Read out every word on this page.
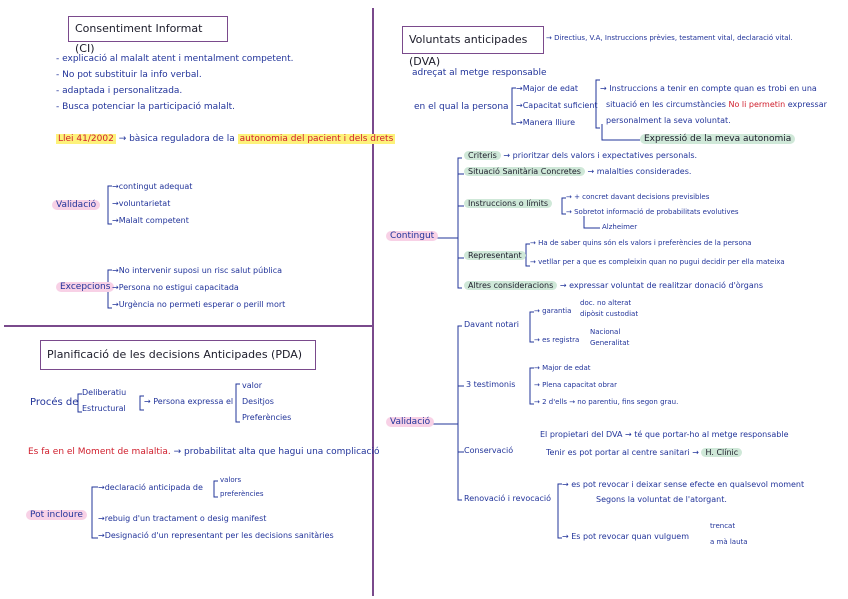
Consentiment Informat (CI)
- explicació al malalt atent i mentalment competent.
- No pot substituir la info verbal.
- adaptada i personalitzada.
- Busca potenciar la participació malalt.
Llei 41/2002 → bàsica reguladora de la autonomia del pacient i dels drets
Validació
→contingut adequat
→voluntarietat
→Malalt competent
Excepcions
→No intervenir suposi un risc salut pública
→Persona no estigui capacitada
→Urgència no permeti esperar o perill mort
Planificació de les decisions Anticipades (PDA)
Procés de
Deliberatiu
Estructural
→ Persona expressa el
valor
Desitjos
Preferències
Es fa en el Moment de malaltia. → probabilitat alta que hagui una complicació
Pot incloure
→declaració anticipada de
valors
preferències
→rebuig d'un tractament o desig manifest
→Designació d'un representant per les decisions sanitàries
Voluntats anticipades (DVA)
→ Directius, V.A, Instruccions prèvies, testament vital, declaració vital.
adreçat al metge responsable
en el qual la persona
→Major de edat
→Capacitat suficient
→Manera lliure
→ Instruccions a tenir en compte quan es trobi en una
situació en les circumstàncies No li permetin expressar
personalment la seva voluntat.
Expressió de la meva autonomia
Contingut
Criteris → prioritzar dels valors i expectatives personals.
Situació Sanitària Concretes → malalties considerades.
Instruccions o límits
→ + concret davant decisions previsibles
→ Sobretot informació de probabilitats evolutives
Alzheimer
Representant
→ Ha de saber quins són els valors i preferències de la persona
→ vetllar per a que es compleixin quan no pugui decidir per ella mateixa
Altres consideracions → expressar voluntat de realitzar donació d'òrgans
Validació
Davant notari
→ garantia
→ es registra
doc. no alterat
dipòsit custodiat
Nacional
Generalitat
3 testimonis
→ Major de edat
→ Plena capacitat obrar
→ 2 d'ells → no parentiu, fins segon grau.
Conservació
El propietari del DVA → té que portar-ho al metge responsable
Tenir es pot portar al centre sanitari → H. Clínic
Renovació i revocació
→ es pot revocar i deixar sense efecte en qualsevol moment
Segons la voluntat de l'atorgant.
→ Es pot revocar quan vulguem
trencat
a mà lauta
